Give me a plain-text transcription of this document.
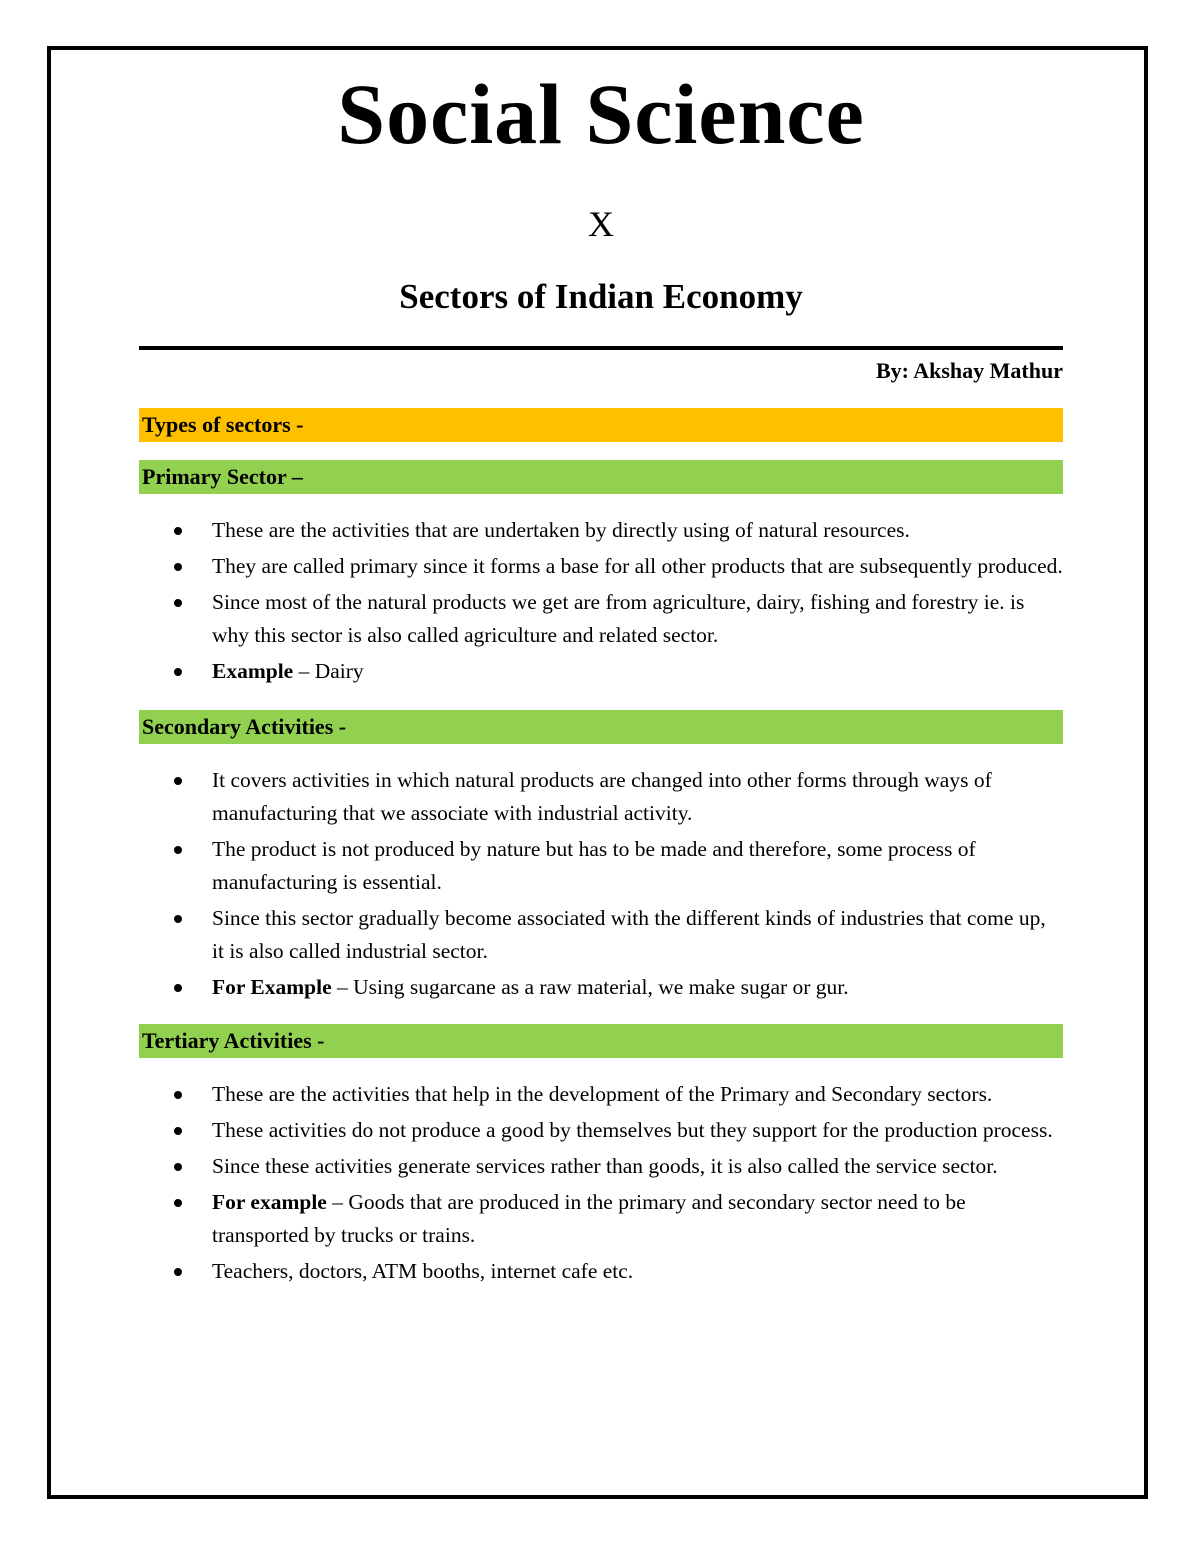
Social Science
X
Sectors of Indian Economy
By: Akshay Mathur
Types of sectors -
Primary Sector –
These are the activities that are undertaken by directly using of natural resources.
They are called primary since it forms a base for all other products that are subsequently produced.
Since most of the natural products we get are from agriculture, dairy, fishing and forestry ie. is why this sector is also called agriculture and related sector.
Example – Dairy
Secondary Activities -
It covers activities in which natural products are changed into other forms through ways of manufacturing that we associate with industrial activity.
The product is not produced by nature but has to be made and therefore, some process of manufacturing is essential.
Since this sector gradually become associated with the different kinds of industries that come up, it is also called industrial sector.
For Example – Using sugarcane as a raw material, we make sugar or gur.
Tertiary Activities -
These are the activities that help in the development of the Primary and Secondary sectors.
These activities do not produce a good by themselves but they support for the production process.
Since these activities generate services rather than goods, it is also called the service sector.
For example – Goods that are produced in the primary and secondary sector need to be transported by trucks or trains.
Teachers, doctors, ATM booths, internet cafe etc.
